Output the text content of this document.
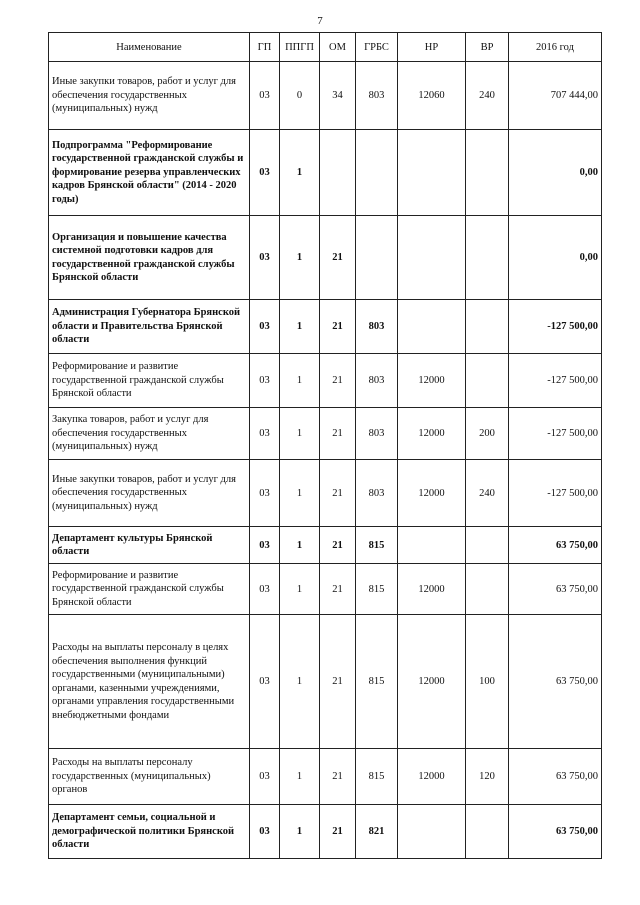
7
Наименование	ГП	ППГП	ОМ	ГРБС	НР	ВР	2016 год
Иные закупки товаров, работ и услуг для обеспечения государственных (муниципальных) нужд	03	0	34	803	12060	240	707 444,00
Подпрограмма "Реформирование государственной гражданской службы и формирование резерва управленческих кадров Брянской области" (2014 - 2020 годы)	03	1					0,00
Организация и повышение качества системной подготовки кадров для государственной гражданской службы Брянской области	03	1	21				0,00
Администрация Губернатора Брянской области и Правительства Брянской области	03	1	21	803			-127 500,00
Реформирование и развитие государственной гражданской службы Брянской области	03	1	21	803	12000		-127 500,00
Закупка товаров, работ и услуг для обеспечения государственных (муниципальных) нужд	03	1	21	803	12000	200	-127 500,00
Иные закупки товаров, работ и услуг для обеспечения государственных (муниципальных) нужд	03	1	21	803	12000	240	-127 500,00
Департамент культуры Брянской области	03	1	21	815			63 750,00
Реформирование и развитие государственной гражданской службы Брянской области	03	1	21	815	12000		63 750,00
Расходы на выплаты персоналу в целях обеспечения выполнения функций государственными (муниципальными) органами, казенными учреждениями, органами управления государственными внебюджетными фондами	03	1	21	815	12000	100	63 750,00
Расходы на выплаты персоналу государственных (муниципальных) органов	03	1	21	815	12000	120	63 750,00
Департамент семьи, социальной и демографической политики Брянской области	03	1	21	821			63 750,00
